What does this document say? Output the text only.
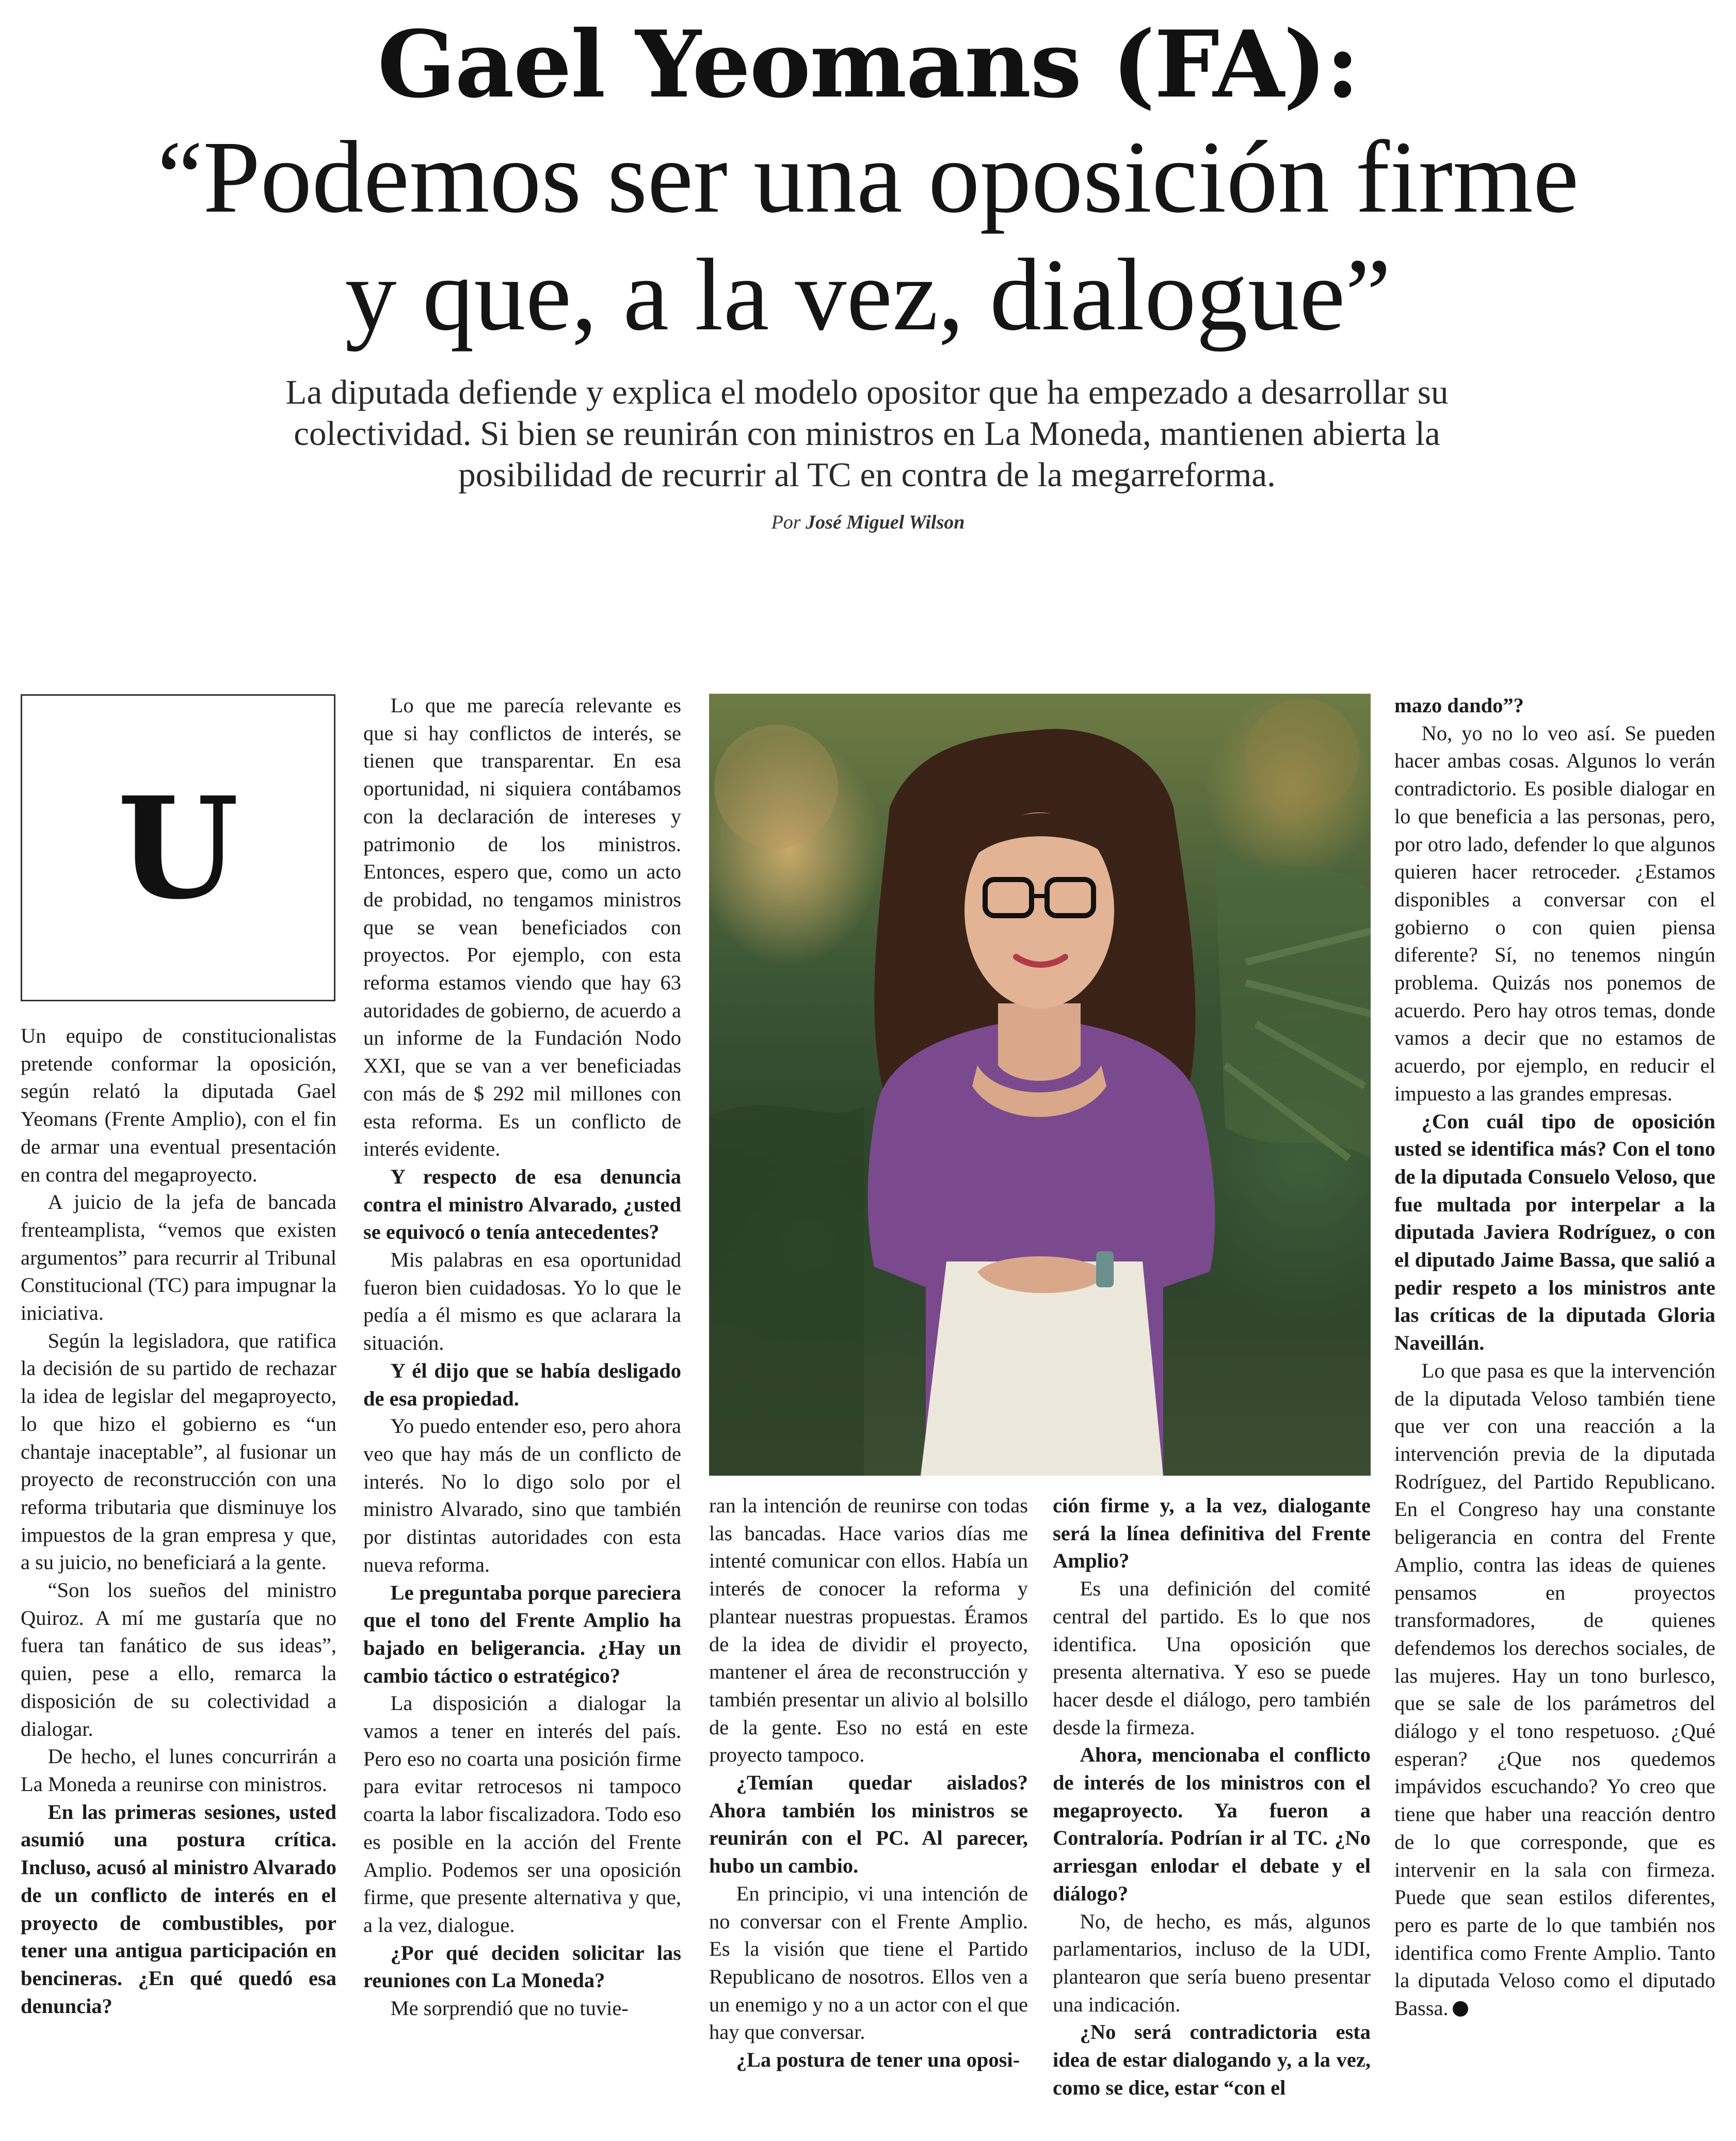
Gael Yeomans (FA):
“Podemos ser una oposición firme
y que, a la vez, dialogue”
La diputada defiende y explica el modelo opositor que ha empezado a desarrollar su
colectividad. Si bien se reunirán con ministros en La Moneda, mantienen abierta la
posibilidad de recurrir al TC en contra de la megarreforma.
Por José Miguel Wilson
U

Un equipo de constitucionalistas pretende conformar la oposición, según relató la diputada Gael Yeomans (Frente Amplio), con el fin de armar una eventual presentación en contra del megaproyecto.

A juicio de la jefa de bancada frenteamplista, “vemos que existen argumentos” para recurrir al Tribunal Constitucional (TC) para impugnar la iniciativa.

Según la legisladora, que ratifica la decisión de su partido de rechazar la idea de legislar del megaproyecto, lo que hizo el gobierno es “un chantaje inaceptable”, al fusionar un proyecto de reconstrucción con una reforma tributaria que disminuye los impuestos de la gran empresa y que, a su juicio, no beneficiará a la gente.

“Son los sueños del ministro Quiroz. A mí me gustaría que no fuera tan fanático de sus ideas”, quien, pese a ello, remarca la disposición de su colectividad a dialogar.

De hecho, el lunes concurrirán a La Moneda a reunirse con ministros.

En las primeras sesiones, usted asumió una postura crítica. Incluso, acusó al ministro Alvarado de un conflicto de interés en el proyecto de combustibles, por tener una antigua participación en bencineras. ¿En qué quedó esa denuncia?

Lo que me parecía relevante es que si hay conflictos de interés, se tienen que transparentar. En esa oportunidad, ni siquiera contábamos con la declaración de intereses y patrimonio de los ministros. Entonces, espero que, como un acto de probidad, no tengamos ministros que se vean beneficiados con proyectos. Por ejemplo, con esta reforma estamos viendo que hay 63 autoridades de gobierno, de acuerdo a un informe de la Fundación Nodo XXI, que se van a ver beneficiadas con más de $ 292 mil millones con esta reforma. Es un conflicto de interés evidente.

Y respecto de esa denuncia contra el ministro Alvarado, ¿usted se equivocó o tenía antecedentes?

Mis palabras en esa oportunidad fueron bien cuidadosas. Yo lo que le pedía a él mismo es que aclarara la situación.

Y él dijo que se había desligado de esa propiedad.

Yo puedo entender eso, pero ahora veo que hay más de un conflicto de interés. No lo digo solo por el ministro Alvarado, sino que también por distintas autoridades con esta nueva reforma.

Le preguntaba porque pareciera que el tono del Frente Amplio ha bajado en beligerancia. ¿Hay un cambio táctico o estratégico?

La disposición a dialogar la vamos a tener en interés del país. Pero eso no coarta una posición firme para evitar retrocesos ni tampoco coarta la labor fiscalizadora. Todo eso es posible en la acción del Frente Amplio. Podemos ser una oposición firme, que presente alternativa y que, a la vez, dialogue.

¿Por qué deciden solicitar las reuniones con La Moneda?

Me sorprendió que no tuvie-

ran la intención de reunirse con todas las bancadas. Hace varios días me intenté comunicar con ellos. Había un interés de conocer la reforma y plantear nuestras propuestas. Éramos de la idea de dividir el proyecto, mantener el área de reconstrucción y también presentar un alivio al bolsillo de la gente. Eso no está en este proyecto tampoco.

¿Temían quedar aislados? Ahora también los ministros se reunirán con el PC. Al parecer, hubo un cambio.

En principio, vi una intención de no conversar con el Frente Amplio. Es la visión que tiene el Partido Republicano de nosotros. Ellos ven a un enemigo y no a un actor con el que hay que conversar.

¿La postura de tener una oposi-

ción firme y, a la vez, dialogante será la línea definitiva del Frente Amplio?

Es una definición del comité central del partido. Es lo que nos identifica. Una oposición que presenta alternativa. Y eso se puede hacer desde el diálogo, pero también desde la firmeza.

Ahora, mencionaba el conflicto de interés de los ministros con el megaproyecto. Ya fueron a Contraloría. Podrían ir al TC. ¿No arriesgan enlodar el debate y el diálogo?

No, de hecho, es más, algunos parlamentarios, incluso de la UDI, plantearon que sería bueno presentar una indicación.

¿No será contradictoria esta idea de estar dialogando y, a la vez, como se dice, estar “con el

mazo dando”?

No, yo no lo veo así. Se pueden hacer ambas cosas. Algunos lo verán contradictorio. Es posible dialogar en lo que beneficia a las personas, pero, por otro lado, defender lo que algunos quieren hacer retroceder. ¿Estamos disponibles a conversar con el gobierno o con quien piensa diferente? Sí, no tenemos ningún problema. Quizás nos ponemos de acuerdo. Pero hay otros temas, donde vamos a decir que no estamos de acuerdo, por ejemplo, en reducir el impuesto a las grandes empresas.

¿Con cuál tipo de oposición usted se identifica más? Con el tono de la diputada Consuelo Veloso, que fue multada por interpelar a la diputada Javiera Rodríguez, o con el diputado Jaime Bassa, que salió a pedir respeto a los ministros ante las críticas de la diputada Gloria Naveillán.

Lo que pasa es que la intervención de la diputada Veloso también tiene que ver con una reacción a la intervención previa de la diputada Rodríguez, del Partido Republicano. En el Congreso hay una constante beligerancia en contra del Frente Amplio, contra las ideas de quienes pensamos en proyectos transformadores, de quienes defendemos los derechos sociales, de las mujeres. Hay un tono burlesco, que se sale de los parámetros del diálogo y el tono respetuoso. ¿Qué esperan? ¿Que nos quedemos impávidos escuchando? Yo creo que tiene que haber una reacción dentro de lo que corresponde, que es intervenir en la sala con firmeza. Puede que sean estilos diferentes, pero es parte de lo que también nos identifica como Frente Amplio. Tanto la diputada Veloso como el diputado Bassa.
